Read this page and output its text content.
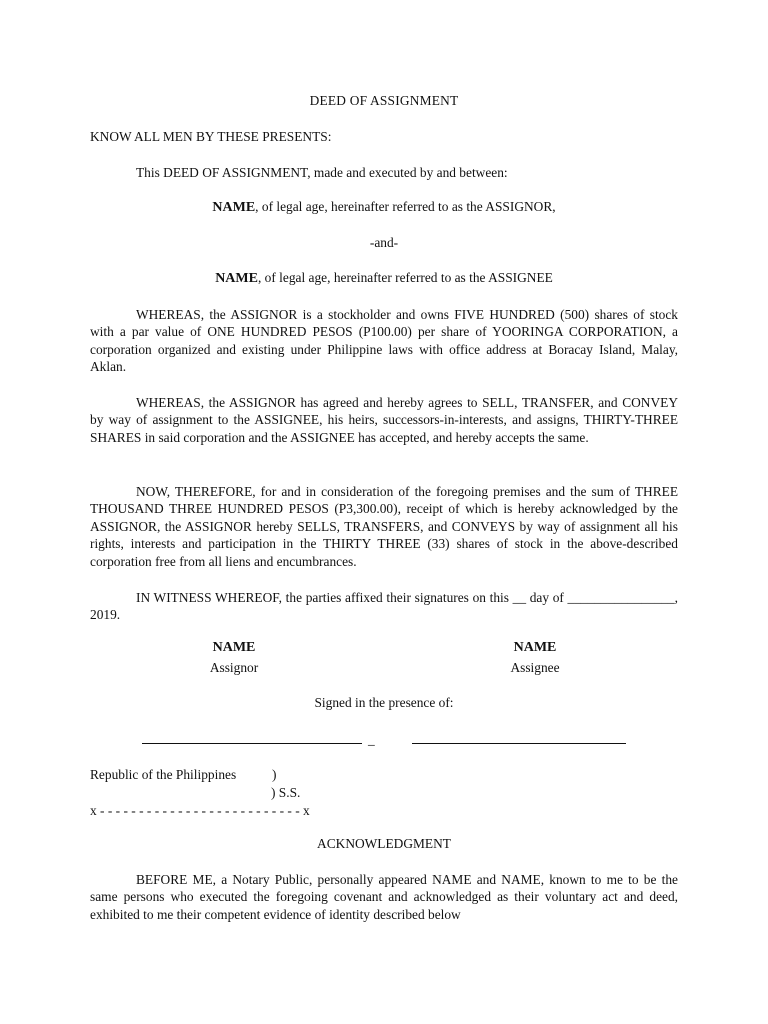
DEED OF ASSIGNMENT
KNOW ALL MEN BY THESE PRESENTS:
This DEED OF ASSIGNMENT, made and executed by and between:
NAME, of legal age, hereinafter referred to as the ASSIGNOR,
-and-
NAME, of legal age, hereinafter referred to as the ASSIGNEE

WHEREAS, the ASSIGNOR is a stockholder and owns FIVE HUNDRED (500) shares of stock with a par value of ONE HUNDRED PESOS (P100.00) per share of YOORINGA CORPORATION, a corporation organized and existing under Philippine laws with office address at Boracay Island, Malay, Aklan.

WHEREAS, the ASSIGNOR has agreed and hereby agrees to SELL, TRANSFER, and CONVEY by way of assignment to the ASSIGNEE, his heirs, successors-in-interests, and assigns, THIRTY-THREE SHARES in said corporation and the ASSIGNEE has accepted, and hereby accepts the same.

NOW, THEREFORE, for and in consideration of the foregoing premises and the sum of THREE THOUSAND THREE HUNDRED PESOS (P3,300.00), receipt of which is hereby acknowledged by the ASSIGNOR, the ASSIGNOR hereby SELLS, TRANSFERS, and CONVEYS by way of assignment all his rights, interests and participation in the THIRTY THREE (33) shares of stock in the above-described corporation free from all liens and encumbrances.

IN WITNESS WHEREOF, the parties affixed their signatures on this __ day of ________________, 2019.

NAME
Assignor
NAME
Assignee
Signed in the presence of:
_
Republic of the Philippines	)
) S.S.
x - - - - - - - - - - - - - - - - - - - - - - - - - - x
ACKNOWLEDGMENT

BEFORE ME, a Notary Public, personally appeared NAME and NAME, known to me to be the same persons who executed the foregoing covenant and acknowledged as their voluntary act and deed, exhibited to me their competent evidence of identity described below
